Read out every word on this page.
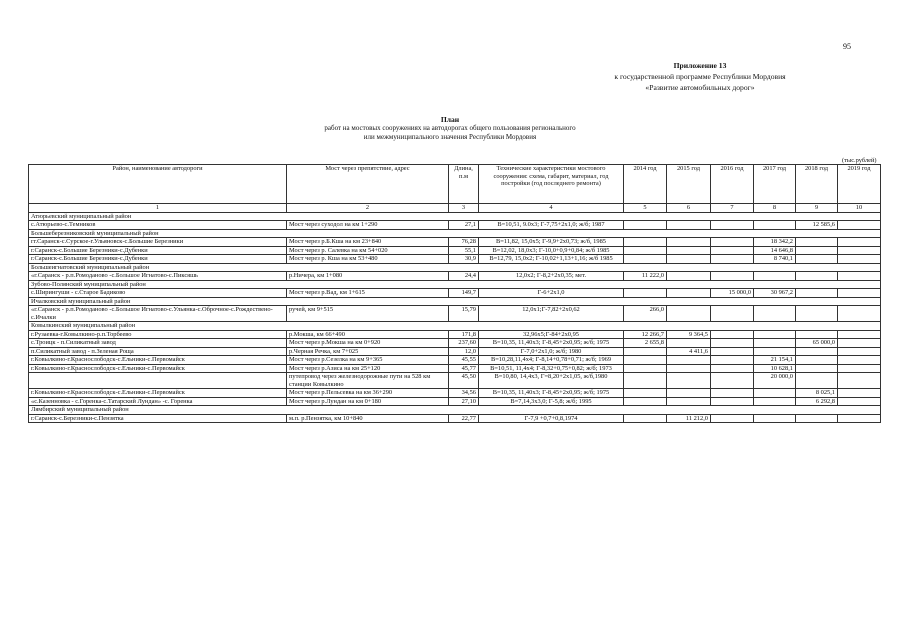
95
Приложение 13
к государственной программе Республики Мордовия
«Развитие автомобильных дорог»
План
работ на мостовых сооружениях на автодорогах общего пользования регионального
или межмуниципального значения Республики Мордовия
(тыс.рублей)
Район, наименование автодороги	Мост через препятствие, адрес	Длина, п.м	Технические характеристики мостового сооружения: схема, габарит, материал, год постройки (год последнего ремонта)	2014 год	2015 год	2016 год	2017 год	2018 год	2019 год
1	2	3	4	5	6	7	8	9	10
Атюрьевский муниципальный район									
с.Атюрьево-с.Темников	Мост через суходол на км 1+290	27,1	В=10,51, 9.0х3; Г-7,75+2х1,0; ж/б; 1987					12 585,6	
Большеберезниковский муниципальный район									
гг.Саранск-с.Сурское-г.Ульяновск-с.Большие Березники	Мост через р.Б.Кша на км 23+840	76,28	В=11,82, 15,0х5; Г-9,9+2х0,73; ж/б, 1985				18 342,2		
г.Саранск-с.Большие Березники-с.Дубенки	Мост через р. Салевка на км 54+020	55,1	В=12,02, 18,0х3; Г-10,0+0,9+0,84; ж/б 1985				14 646,8		
г.Саранск-с.Большие Березники-с.Дубенки	Мост через р. Кша на км 53+480	30,9	В=12,79, 15,0х2; Г-10,02+1,13+1,16; ж/б 1985				8 740,1		
Большеигнатовский муниципальный район									
«г.Саранск - р.п.Ромоданово -с.Большое Игнатово-с.Пиксяшь	р.Ничера, км 1+080	24,4	12,0х2; Г-8,2+2х0,35; мет.	11 222,0					
Зубово-Полянский муниципальный район									
с.Ширингуши - с.Старое Бадиково	Мост через р.Вад, км 1+615	149,7	Г-6+2х1,0			15 000,0	30 967,2		
Ичалковский муниципальный район									
«г.Саранск - р.п.Ромоданово -с.Большое Игнатово-с.Ульянка-с.Оброчное-с.Рождествено-с.Ичалки	ручей, км 9+515	15,79	12,0х1;Г-7,82+2х0,62	266,0					
Ковылкинский муниципальный район									
г.Рузаевка-г.Ковылкино-р.п.Торбеево	р.Мокша, км 66+490	171,8	32,96х5;Г-84+2х0,95	12 266,7	9 364,5				
с.Троицк - п.Силикатный завод	Мост через р.Мокша на км 0+920	237,60	В=10,35, 11,40х3; Г-8,45+2х0,95; ж/б; 1975	2 655,8				65 000,0	
п.Силикатный завод - п.Зеленая Роща	р.Черная Речка, км 7+025	12,0	Г-7,0+2х1,0; ж/б; 1980		4 411,6				
г.Ковылкино-г.Краснослободск-с.Ельники-с.Первомайск	Мост через р.Сезелка на км 9+365	45,55	В=10,28,11,4х4; Г-8,14+0,78+0,71; ж/б; 1969				21 154,1		
г.Ковылкино-г.Краснослободск-с.Ельники-с.Первомайск	Мост через р.Азиса на км 25+120	45,77	В=10,51, 11,4х4; Г-8,32+0,75+0,82; ж/б; 1973				10 628,1		
	путепровод через железнодорожные пути на 528 км станции Ковылкино	45,50	В=10,80, 14,4х3, Г=8,20+2х1,05, ж/б,1980				20 000,0		
г.Ковылкино-г.Краснослободск-с.Ельники-с.Первомайск	Мост через р.Пельсевка на км 36+290	34,56	В=10,35, 11,40х3; Г-8,45+2х0,95; ж/б; 1975					8 025,1	
«с.Казенновка - с.Горенка-с.Татарский Лундан» -с. Горенка	Мост через р.Лундан на км 0+180	27,10	В=7,14,3х3,0; Г-5,8; ж/б; 1995					6 292,8	
Лямбирский муниципальный район									
г.Саранск-с.Березники-с.Пензятка	м.п. р.Пензятка, км 10+840	22,77	Г-7,9 +0,7+0,8,1974		11 212,0				
